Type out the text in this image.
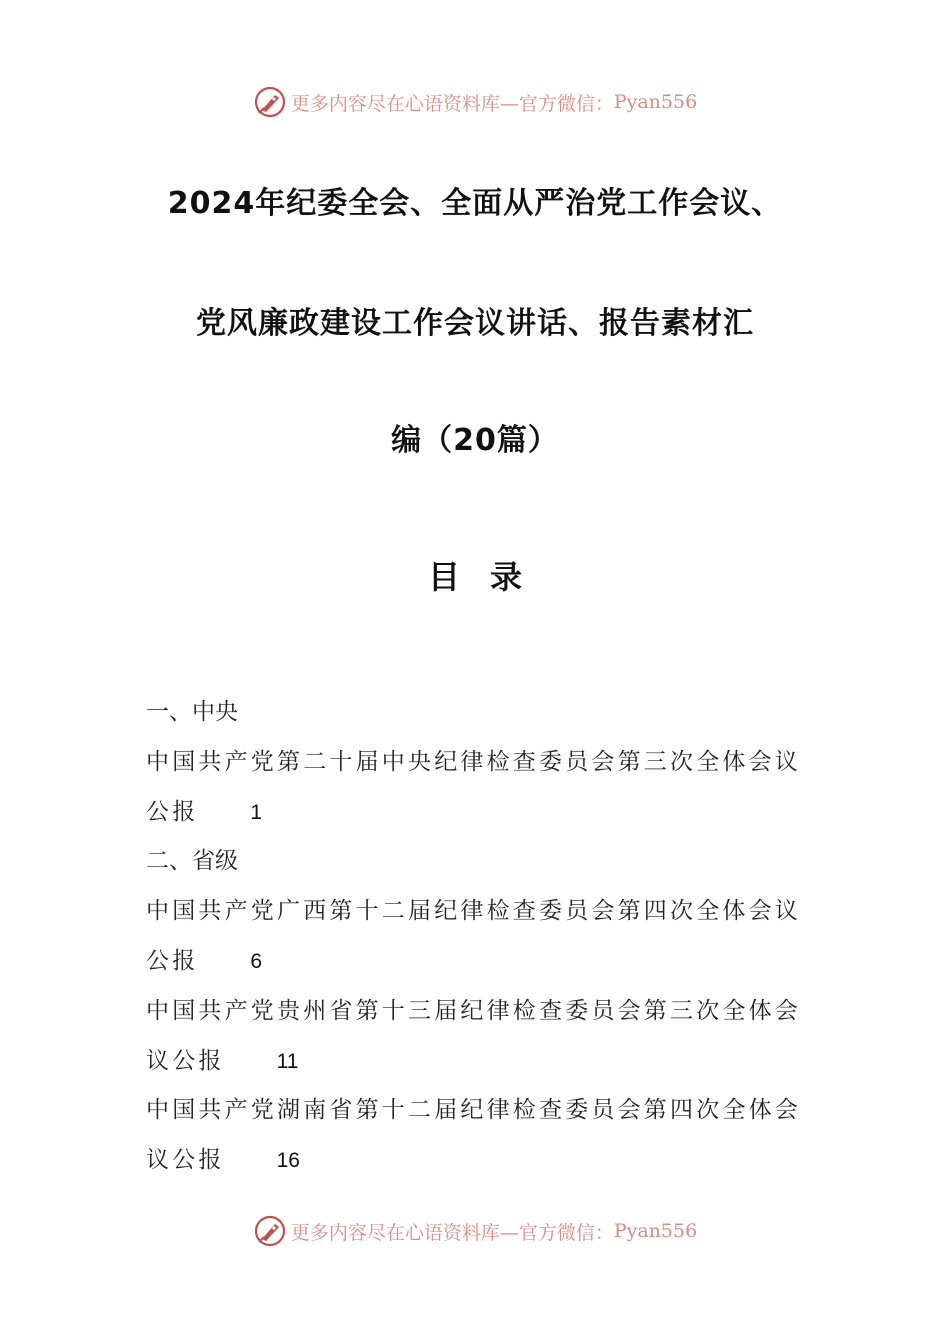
更多内容尽在心语资料库—官方微信： Pyan556
2024年纪委全会、全面从严治党工作会议、
党风廉政建设工作会议讲话、报告素材汇
编（20篇）
目录
一、中央
中国共产党第二十届中央纪律检查委员会第三次全体会议
公报 1
二、省级
中国共产党广西第十二届纪律检查委员会第四次全体会议
公报 6
中国共产党贵州省第十三届纪律检查委员会第三次全体会
议公报 11
中国共产党湖南省第十二届纪律检查委员会第四次全体会
议公报 16
更多内容尽在心语资料库—官方微信： Pyan556
